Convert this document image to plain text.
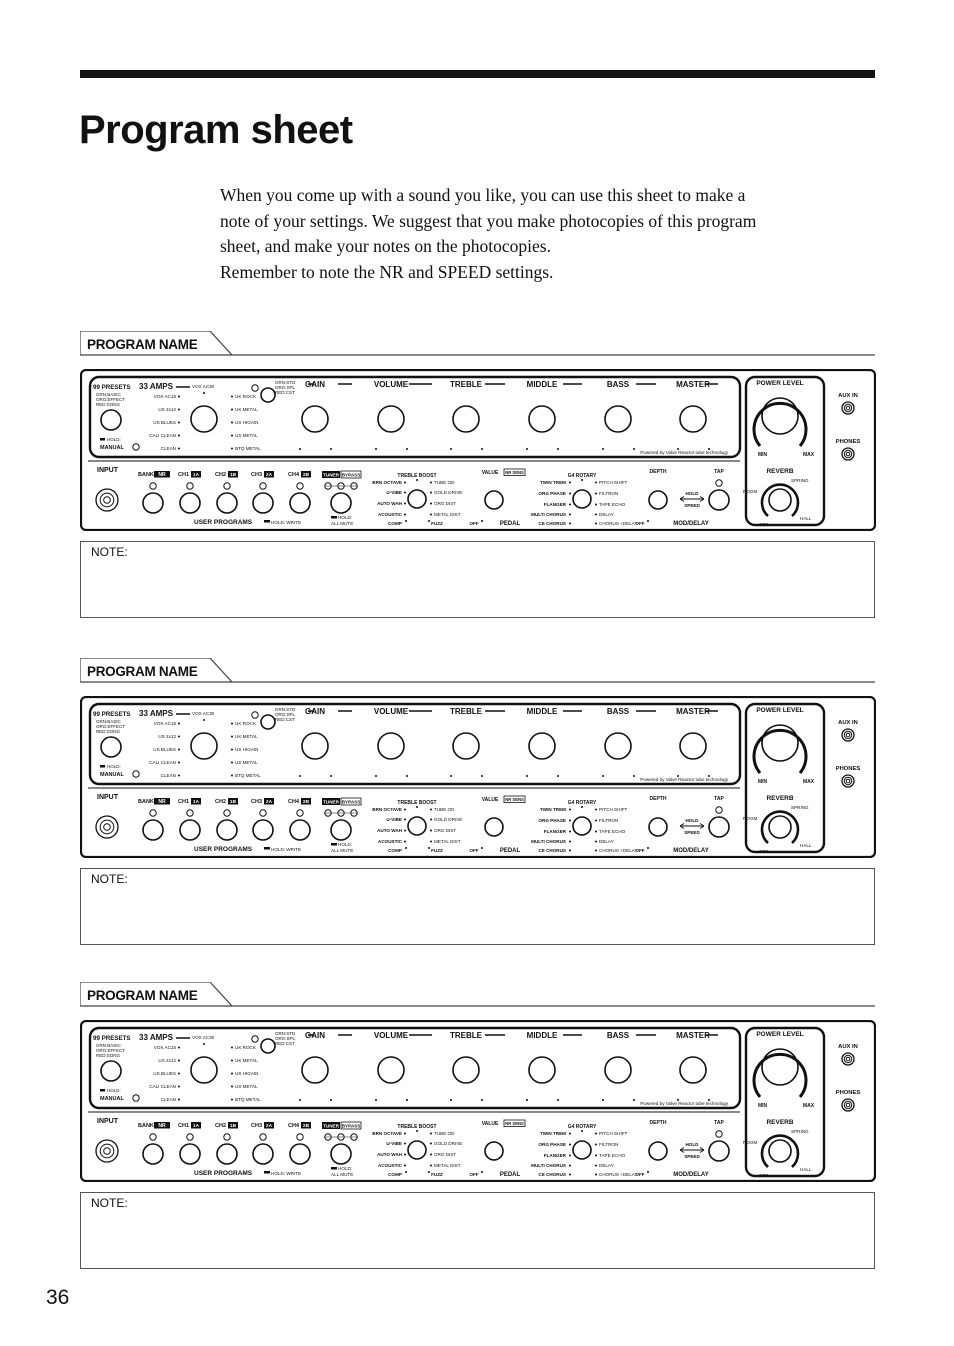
Program sheet

When you come up with a sound you like, you can use this sheet to make a

note of your settings. We suggest that you make photocopies of this program

sheet, and make your notes on the photocopies.

Remember to note the NR and SPEED settings.

PROGRAM NAME
99 PRESETS
GRN:BASIC
ORG:EFFECT
RED:SONG
HOLD:
MANUAL
33 AMPS	VOX AC30
VOX AC15
US 2x12
US BLUES
CALI CLEAN
CLEAN
UK ROCK
UK METAL
US HIGAIN
US METAL
BTQ METAL
GRN:STD
ORG:SPL
RED:CST
GAIN	VOLUME	TREBLE	MIDDLE	BASS	MASTER
Powered by Valve Reactor tube technology
POWER LEVEL
MIN	MAX
AUX IN
PHONES
INPUT
BANK NR CH1 1A	CH2 1B	CH3 2A	CH4 2B
USER PROGRAMS	HOLD: WRITE
TUNER BYPASS
HOLD:
ALL MUTE
TREBLE BOOST
BRN OCTAVE	TUBE OD
U-VIBE	GOLD DRIVE
AUTO WAH	ORG DIST
ACOUSTIC	METAL DIST
COMP	FUZZ	OFF
VALUE NR SENS
PEDAL
G4 ROTARY
TWIN TREM	PITCH SHIFT
ORG PHASE	FILTRON
FLANGER	TAPE ECHO
MULTI CHORUS	DELAY
CE CHORUS	CHORUS +DELAY
OFF
DEPTH	TAP
HOLD
SPEED
MOD/DELAY
REVERB
ROOM
SPRING
HALL
OFF
NOTE:
PROGRAM NAME
99 PRESETS
GRN:BASIC
ORG:EFFECT
RED:SONG
HOLD:
MANUAL
33 AMPS	VOX AC30
VOX AC15
US 2x12
US BLUES
CALI CLEAN
CLEAN
UK ROCK
UK METAL
US HIGAIN
US METAL
BTQ METAL
GRN:STD
ORG:SPL
RED:CST
GAIN	VOLUME	TREBLE	MIDDLE	BASS	MASTER
Powered by Valve Reactor tube technology
POWER LEVEL
MIN	MAX
AUX IN
PHONES
INPUT
BANK NR CH1 1A	CH2 1B	CH3 2A	CH4 2B
USER PROGRAMS	HOLD: WRITE
TUNER BYPASS
HOLD:
ALL MUTE
TREBLE BOOST
BRN OCTAVE	TUBE OD
U-VIBE	GOLD DRIVE
AUTO WAH	ORG DIST
ACOUSTIC	METAL DIST
COMP	FUZZ	OFF
VALUE NR SENS
PEDAL
G4 ROTARY
TWIN TREM	PITCH SHIFT
ORG PHASE	FILTRON
FLANGER	TAPE ECHO
MULTI CHORUS	DELAY
CE CHORUS	CHORUS +DELAY
OFF
DEPTH	TAP
HOLD
SPEED
MOD/DELAY
REVERB
ROOM
SPRING
HALL
OFF
NOTE:
PROGRAM NAME
99 PRESETS
GRN:BASIC
ORG:EFFECT
RED:SONG
HOLD:
MANUAL
33 AMPS	VOX AC30
VOX AC15
US 2x12
US BLUES
CALI CLEAN
CLEAN
UK ROCK
UK METAL
US HIGAIN
US METAL
BTQ METAL
GRN:STD
ORG:SPL
RED:CST
GAIN	VOLUME	TREBLE	MIDDLE	BASS	MASTER
Powered by Valve Reactor tube technology
POWER LEVEL
MIN	MAX
AUX IN
PHONES
INPUT
BANK NR CH1 1A	CH2 1B	CH3 2A	CH4 2B
USER PROGRAMS	HOLD: WRITE
TUNER BYPASS
HOLD:
ALL MUTE
TREBLE BOOST
BRN OCTAVE	TUBE OD
U-VIBE	GOLD DRIVE
AUTO WAH	ORG DIST
ACOUSTIC	METAL DIST
COMP	FUZZ	OFF
VALUE NR SENS
PEDAL
G4 ROTARY
TWIN TREM	PITCH SHIFT
ORG PHASE	FILTRON
FLANGER	TAPE ECHO
MULTI CHORUS	DELAY
CE CHORUS	CHORUS +DELAY
OFF
DEPTH	TAP
HOLD
SPEED
MOD/DELAY
REVERB
ROOM
SPRING
HALL
OFF
NOTE:
36
